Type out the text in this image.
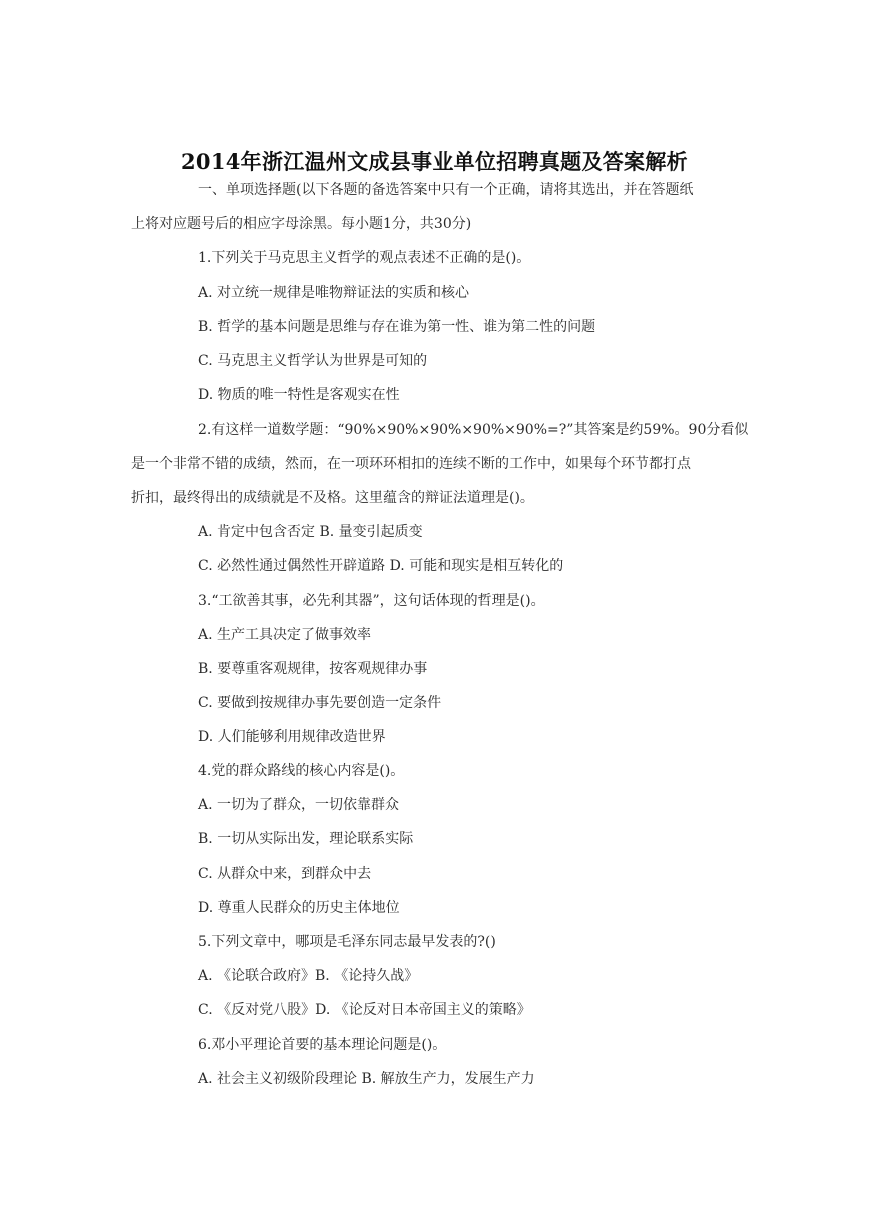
2014年浙江温州文成县事业单位招聘真题及答案解析
一、单项选择题(以下各题的备选答案中只有一个正确，请将其选出，并在答题纸
上将对应题号后的相应字母涂黑。每小题1分，共30分)
1.下列关于马克思主义哲学的观点表述不正确的是()。
A. 对立统一规律是唯物辩证法的实质和核心
B. 哲学的基本问题是思维与存在谁为第一性、谁为第二性的问题
C. 马克思主义哲学认为世界是可知的
D. 物质的唯一特性是客观实在性
2.有这样一道数学题：“90%×90%×90%×90%×90%=?”其答案是约59%。90分看似
是一个非常不错的成绩，然而，在一项环环相扣的连续不断的工作中，如果每个环节都打点
折扣，最终得出的成绩就是不及格。这里蕴含的辩证法道理是()。
A. 肯定中包含否定 B. 量变引起质变
C. 必然性通过偶然性开辟道路 D. 可能和现实是相互转化的
3.“工欲善其事，必先利其器”，这句话体现的哲理是()。
A. 生产工具决定了做事效率
B. 要尊重客观规律，按客观规律办事
C. 要做到按规律办事先要创造一定条件
D. 人们能够利用规律改造世界
4.党的群众路线的核心内容是()。
A. 一切为了群众，一切依靠群众
B. 一切从实际出发，理论联系实际
C. 从群众中来，到群众中去
D. 尊重人民群众的历史主体地位
5.下列文章中，哪项是毛泽东同志最早发表的?()
A. 《论联合政府》B. 《论持久战》
C. 《反对党八股》D. 《论反对日本帝国主义的策略》
6.邓小平理论首要的基本理论问题是()。
A. 社会主义初级阶段理论 B. 解放生产力，发展生产力
